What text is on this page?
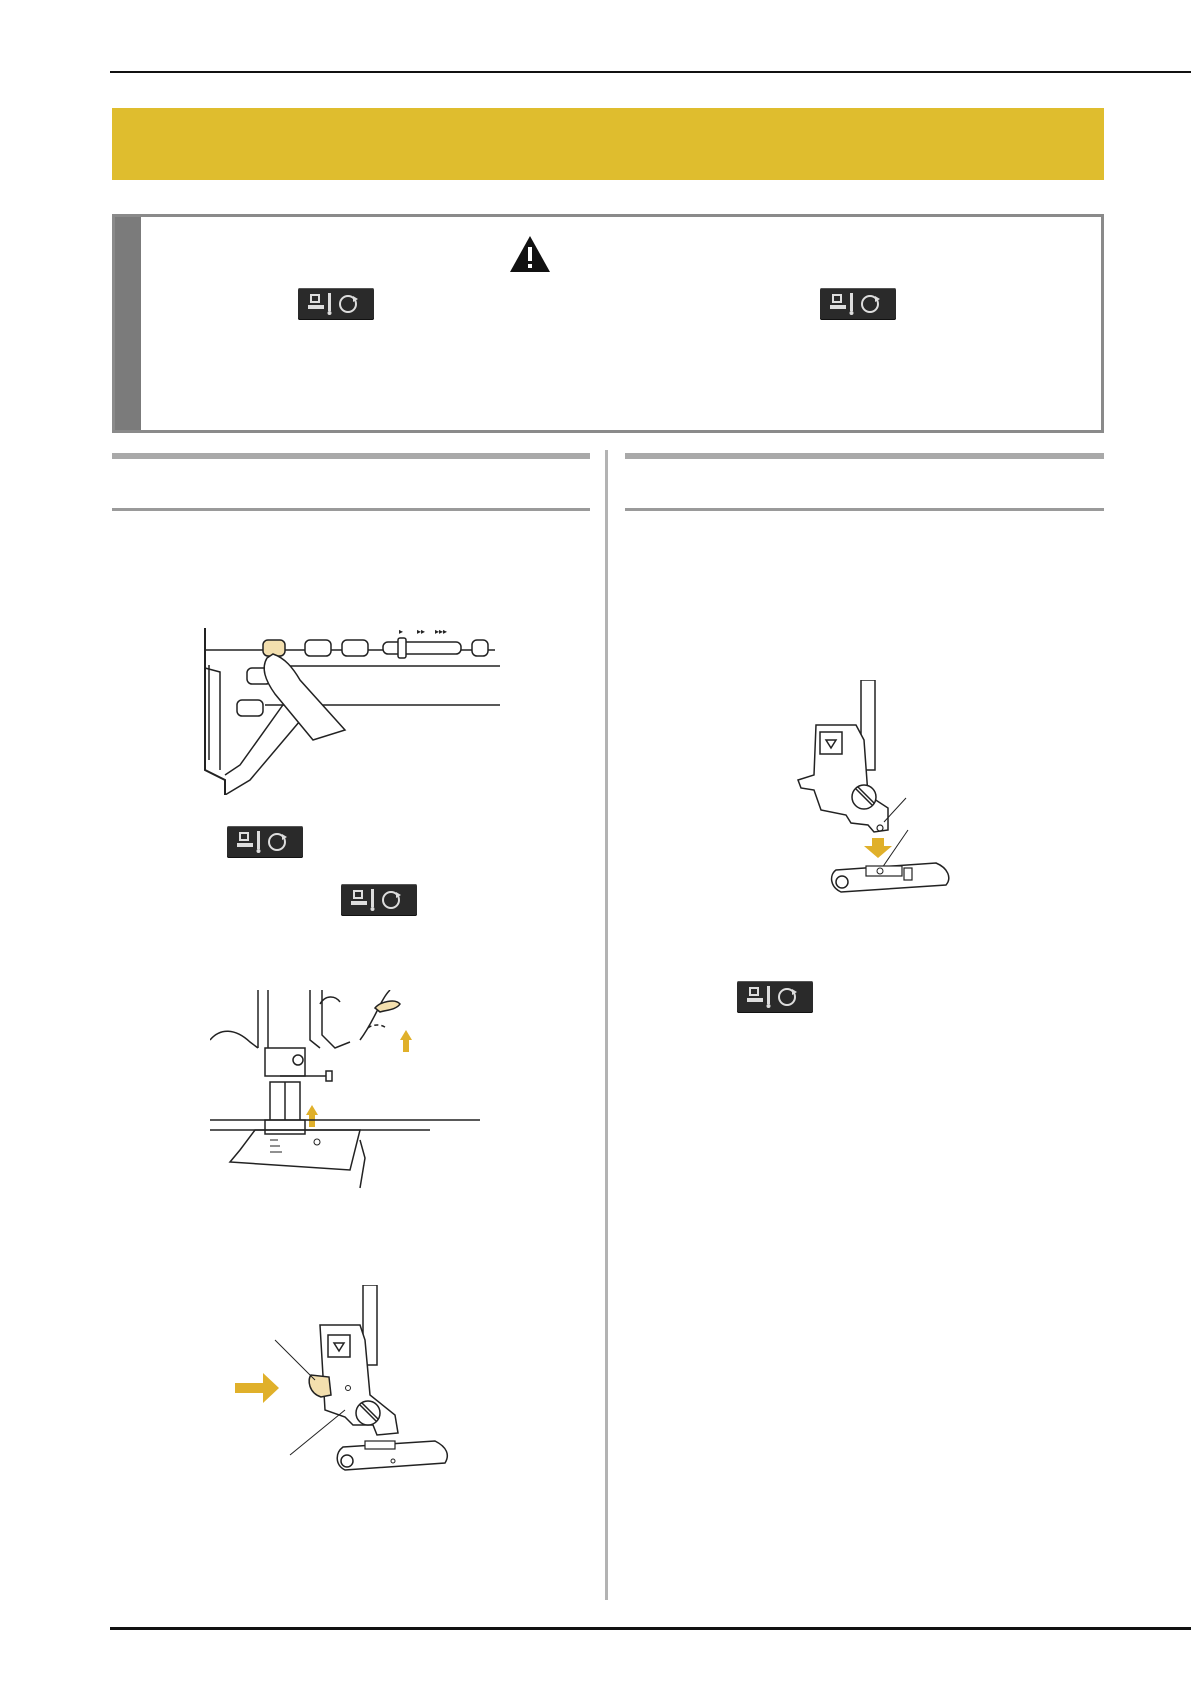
▸ ▸▸ ▸▸▸
